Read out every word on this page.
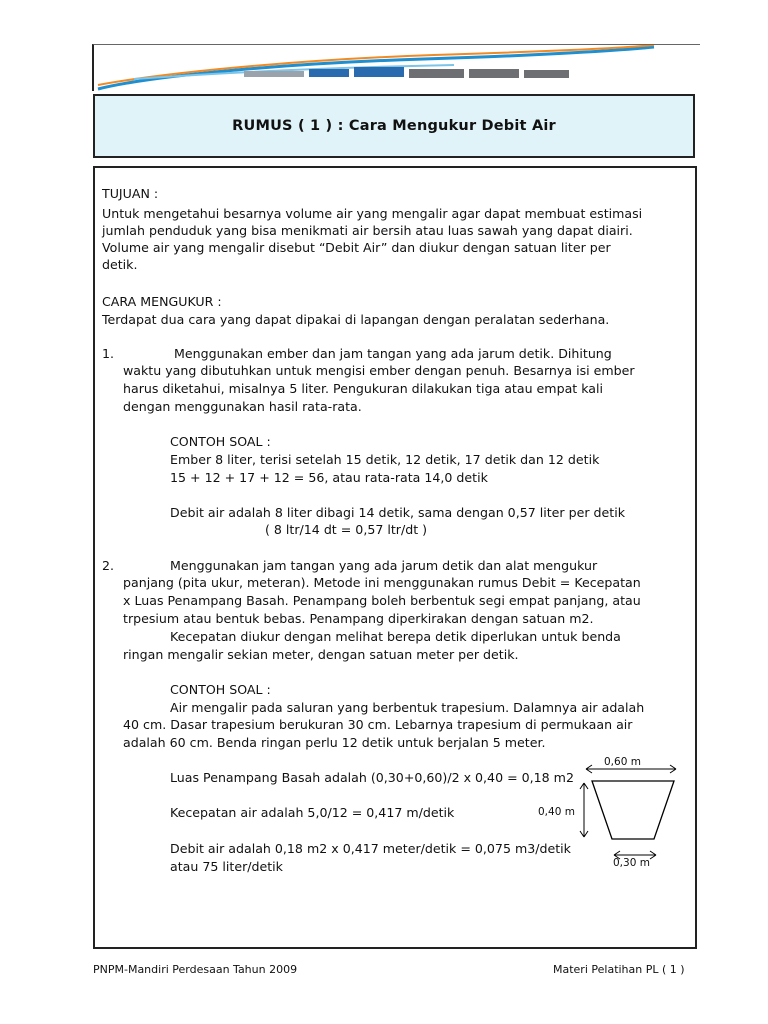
RUMUS ( 1 ) : Cara Mengukur Debit Air
TUJUAN :
Untuk mengetahui besarnya volume air yang mengalir agar dapat membuat estimasi
jumlah penduduk yang bisa menikmati air bersih atau luas sawah yang dapat diairi.
Volume air yang mengalir disebut “Debit Air” dan diukur dengan satuan liter per
detik.
CARA MENGUKUR :
Terdapat dua cara yang dapat dipakai di lapangan dengan peralatan sederhana.
1.	Menggunakan ember dan jam tangan yang ada jarum detik. Dihitung
waktu yang dibutuhkan untuk mengisi ember dengan penuh. Besarnya isi ember
harus diketahui, misalnya 5 liter. Pengukuran dilakukan tiga atau empat kali
dengan menggunakan hasil rata-rata.
CONTOH SOAL :
Ember 8 liter, terisi setelah 15 detik, 12 detik, 17 detik dan 12 detik
15 + 12 + 17 + 12 = 56, atau rata-rata 14,0 detik
Debit air adalah 8 liter dibagi 14 detik, sama dengan 0,57 liter per detik
( 8 ltr/14 dt = 0,57 ltr/dt )
2.	Menggunakan jam tangan yang ada jarum detik dan alat mengukur
panjang (pita ukur, meteran). Metode ini menggunakan rumus Debit = Kecepatan
x Luas Penampang Basah. Penampang boleh berbentuk segi empat panjang, atau
trpesium atau bentuk bebas. Penampang diperkirakan dengan satuan m2.
Kecepatan diukur dengan melihat berepa detik diperlukan untuk benda
ringan mengalir sekian meter, dengan satuan meter per detik.
CONTOH SOAL :
Air mengalir pada saluran yang berbentuk trapesium. Dalamnya air adalah
40 cm. Dasar trapesium berukuran 30 cm. Lebarnya trapesium di permukaan air
adalah 60 cm. Benda ringan perlu 12 detik untuk berjalan 5 meter.
Luas Penampang Basah adalah (0,30+0,60)/2 x 0,40 = 0,18 m2
Kecepatan air adalah 5,0/12 = 0,417 m/detik
Debit air adalah 0,18 m2 x 0,417 meter/detik = 0,075 m3/detik
atau 75 liter/detik
0,60 m
0,40 m
0,30 m
PNPM-Mandiri Perdesaan Tahun 2009	Materi Pelatihan PL ( 1 )
